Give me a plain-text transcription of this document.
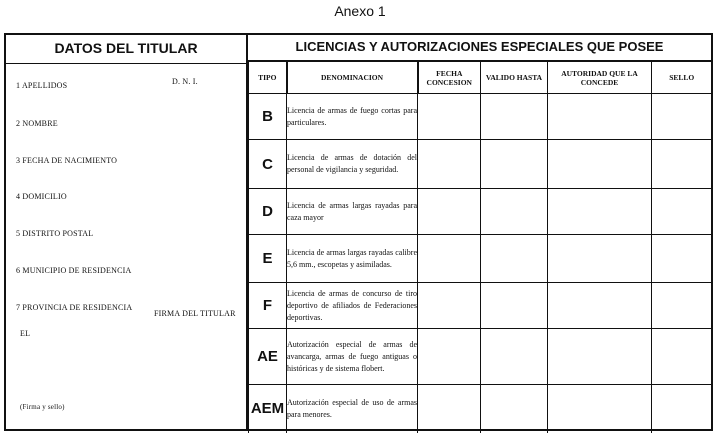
Anexo 1
DATOS DEL TITULAR
1 APELLIDOS	D. N. I.
2 NOMBRE
3 FECHA DE NACIMIENTO
4 DOMICILIO
5 DISTRITO POSTAL
6 MUNICIPIO DE RESIDENCIA
7 PROVINCIA DE RESIDENCIA
FIRMA DEL TITULAR
EL
(Firma y sello)
LICENCIAS Y AUTORIZACIONES ESPECIALES QUE POSEE
TIPO	DENOMINACION	FECHA CONCESION	VALIDO HASTA	AUTORIDAD QUE LA CONCEDE	SELLO
B	Licencia de armas de fuego cortas para particulares.				
C	Licencia de armas de dotación del personal de vigilancia y seguridad.				
D	Licencia de armas largas rayadas para caza mayor				
E	Licencia de armas largas rayadas calibre 5,6 mm., escopetas y asimiladas.				
F	Licencia de armas de concurso de tiro deportivo de afiliados de Federaciones deportivas.				
AE	Autorización especial de armas de avancarga, armas de fuego antiguas o históricas y de sistema flobert.				
AEM	Autorización especial de uso de armas para menores.				
